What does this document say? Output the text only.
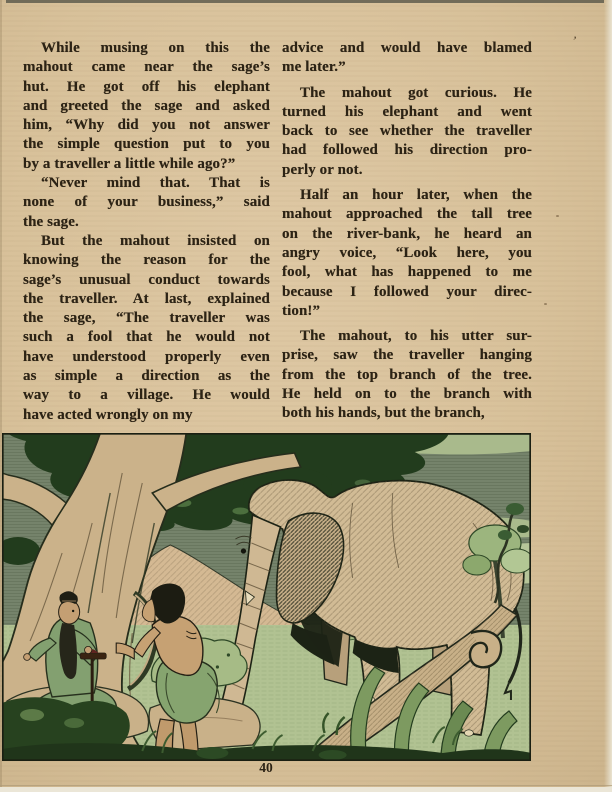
’
While musing on this the
mahout came near the sage’s
hut. He got off his elephant
and greeted the sage and asked
him, “Why did you not answer
the simple question put to you
by a traveller a little while ago?”
“Never mind that. That is
none of your business,” said
the sage.
But the mahout insisted on
knowing the reason for the
sage’s unusual conduct towards
the traveller. At last, explained
the sage, “The traveller was
such a fool that he would not
have understood properly even
as simple a direction as the
way to a village. He would
have acted wrongly on my
advice and would have blamed
me later.”
The mahout got curious. He
turned his elephant and went
back to see whether the traveller
had followed his direction pro-
perly or not.
Half an hour later, when the
mahout approached the tall tree
on the river-bank, he heard an
angry voice, “Look here, you
fool, what has happened to me
because I followed your direc-
tion!”
The mahout, to his utter sur-
prise, saw the traveller hanging
from the top branch of the tree.
He held on to the branch with
both his hands, but the branch,
40
